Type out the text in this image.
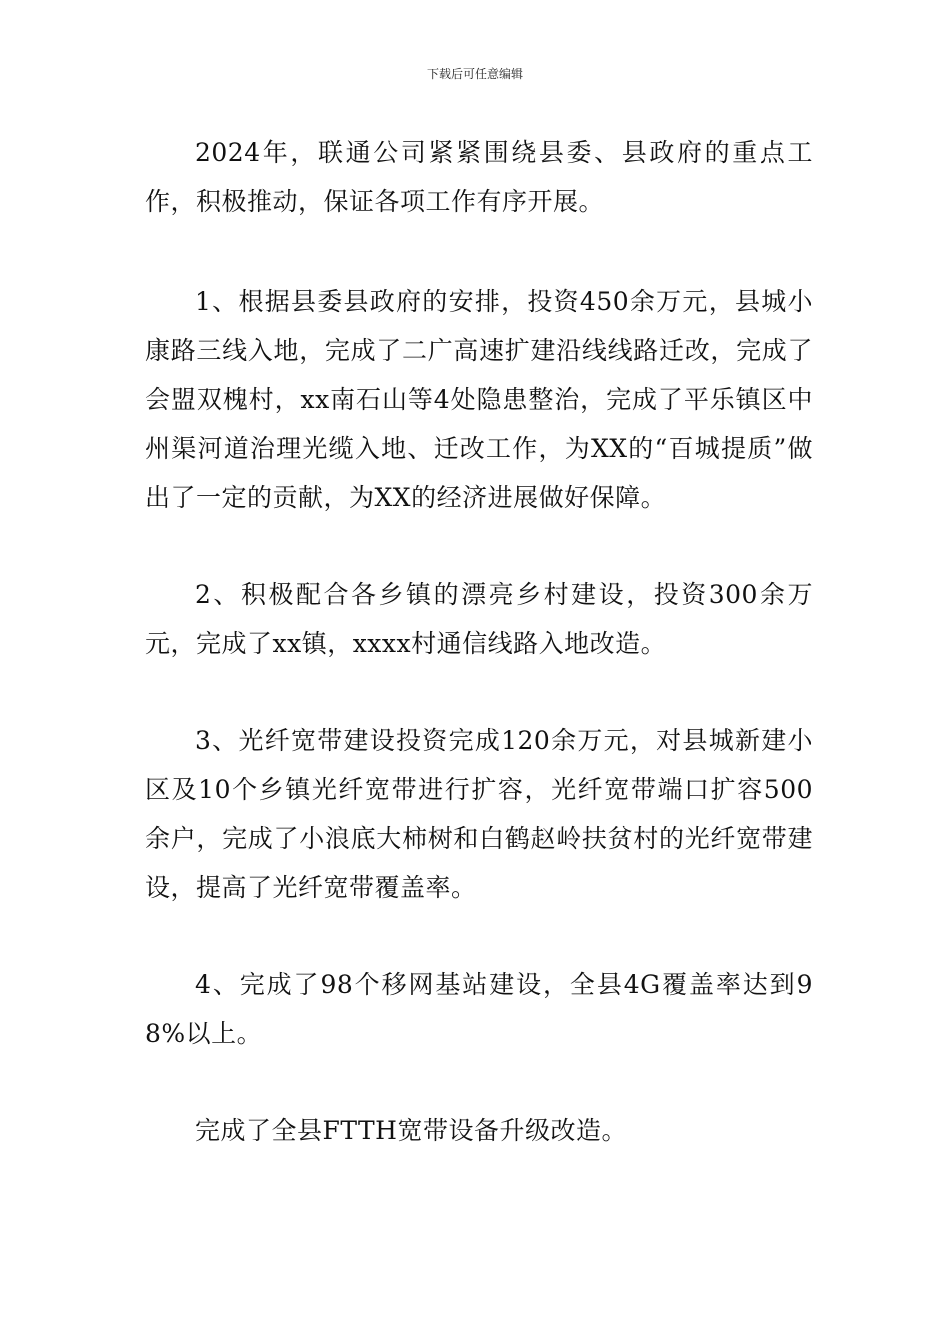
下载后可任意编辑

2024年，联通公司紧紧围绕县委、县政府的重点工作，积极推动，保证各项工作有序开展。

1、根据县委县政府的安排，投资450余万元，县城小康路三线入地，完成了二广高速扩建沿线线路迁改，完成了会盟双槐村，xx南石山等4处隐患整治，完成了平乐镇区中州渠河道治理光缆入地、迁改工作，为XX的“百城提质”做出了一定的贡献，为XX的经济进展做好保障。

2、积极配合各乡镇的漂亮乡村建设，投资300余万元，完成了xx镇，xxxx村通信线路入地改造。

3、光纤宽带建设投资完成120余万元，对县城新建小区及10个乡镇光纤宽带进行扩容，光纤宽带端口扩容500余户，完成了小浪底大柿树和白鹤赵岭扶贫村的光纤宽带建设，提高了光纤宽带覆盖率。

4、完成了98个移网基站建设，全县4G覆盖率达到98%以上。

完成了全县FTTH宽带设备升级改造。
